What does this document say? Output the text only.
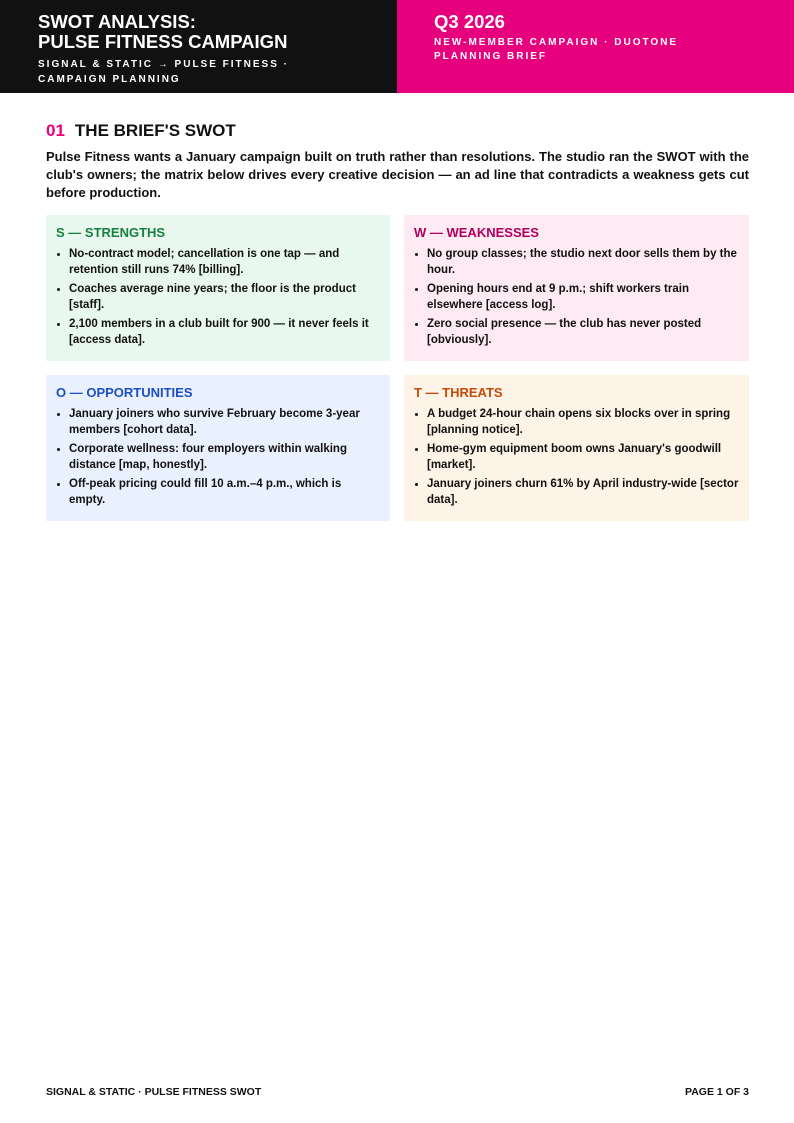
SWOT ANALYSIS:
PULSE FITNESS CAMPAIGN
SIGNAL & STATIC → PULSE FITNESS · CAMPAIGN PLANNING
Q3 2026
NEW-MEMBER CAMPAIGN · DUOTONE PLANNING BRIEF
01 THE BRIEF'S SWOT

Pulse Fitness wants a January campaign built on truth rather than resolutions. The studio ran the SWOT with the club's owners; the matrix below drives every creative decision — an ad line that contradicts a weakness gets cut before production.

S — STRENGTHS
• No-contract model; cancellation is one tap — and retention still runs 74% [billing].
• Coaches average nine years; the floor is the product [staff].
• 2,100 members in a club built for 900 — it never feels it [access data].
W — WEAKNESSES
• No group classes; the studio next door sells them by the hour.
• Opening hours end at 9 p.m.; shift workers train elsewhere [access log].
• Zero social presence — the club has never posted [obviously].
O — OPPORTUNITIES
• January joiners who survive February become 3-year members [cohort data].
• Corporate wellness: four employers within walking distance [map, honestly].
• Off-peak pricing could fill 10 a.m.–4 p.m., which is empty.
T — THREATS
• A budget 24-hour chain opens six blocks over in spring [planning notice].
• Home-gym equipment boom owns January's goodwill [market].
• January joiners churn 61% by April industry-wide [sector data].
SIGNAL & STATIC · PULSE FITNESS SWOT	PAGE 1 OF 3
